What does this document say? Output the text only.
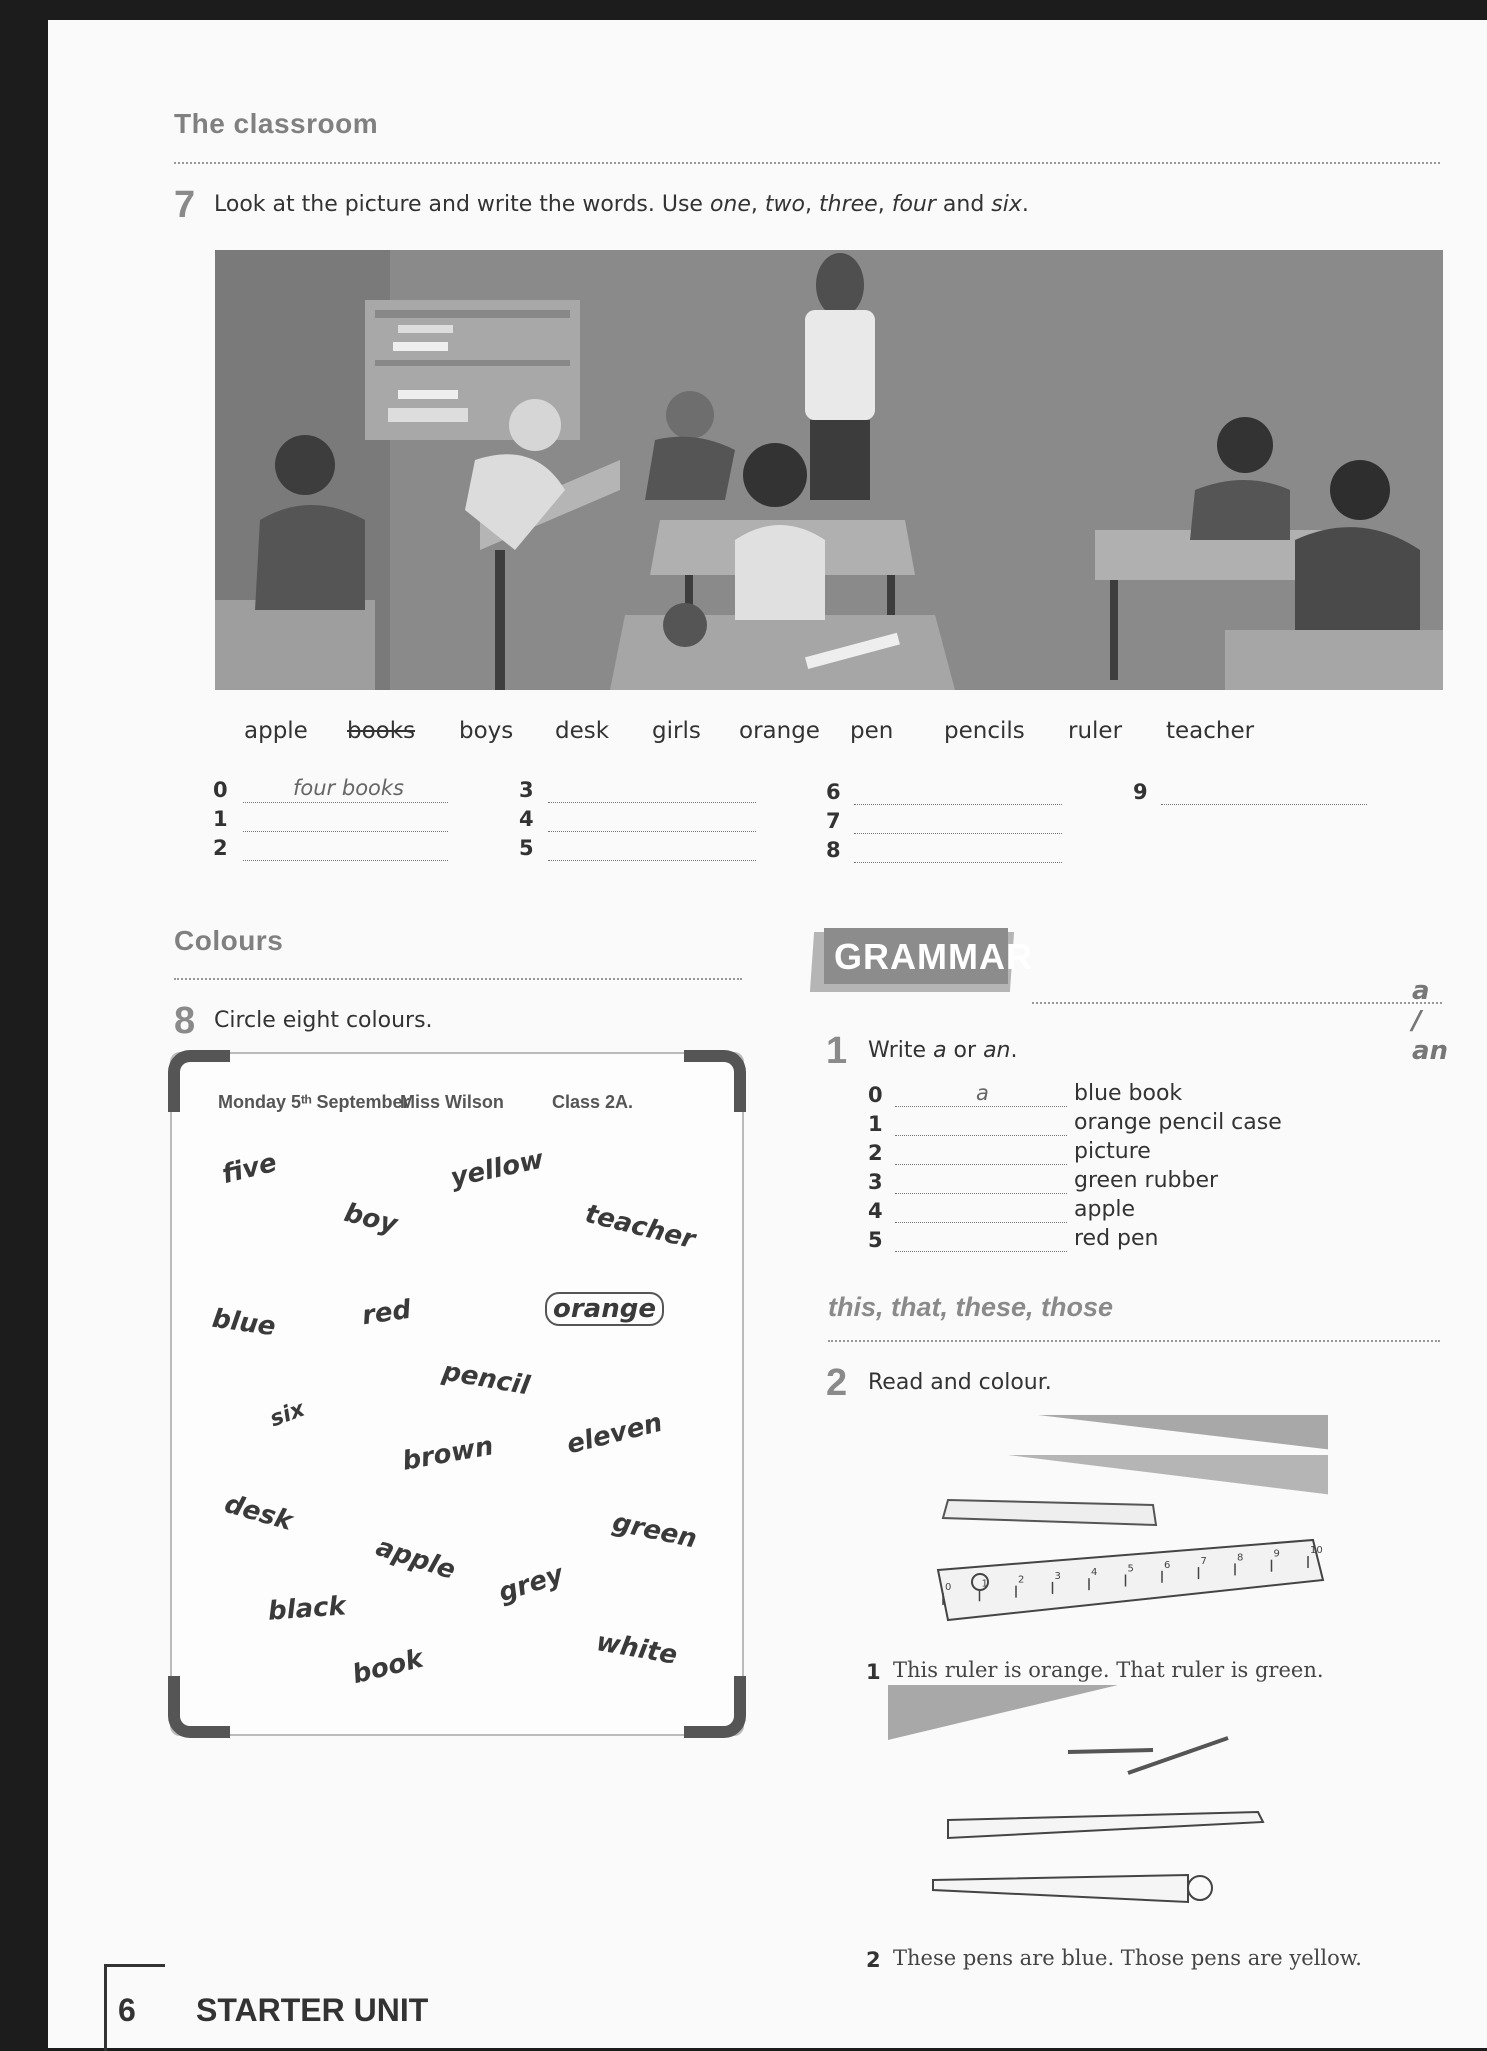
The classroom
7 Look at the picture and write the words. Use one, two, three, four and six.
apple books boys desk girls orange pen pencils ruler teacher
0	four books
1
2
3
4
5
6
7
8
9
Colours
8 Circle eight colours.
Monday 5ᵗʰ September
Miss Wilson	Class 2A.
five	yellow
boy	teacher
blue	red	orange
pencil
six
brown	eleven
desk	green
apple grey
black
white
book
GRAMMAR
a / an
1 Write a or an.
0	a	blue book
1	orange pencil case
2	picture
3	green rubber
4	apple
5	red pen
this, that, these, those
2 Read and colour.
0	1	2	3	4	5	6	7	8	9	10
1 This ruler is orange. That ruler is green.
2 These pens are blue. Those pens are yellow.
6 STARTER UNIT
